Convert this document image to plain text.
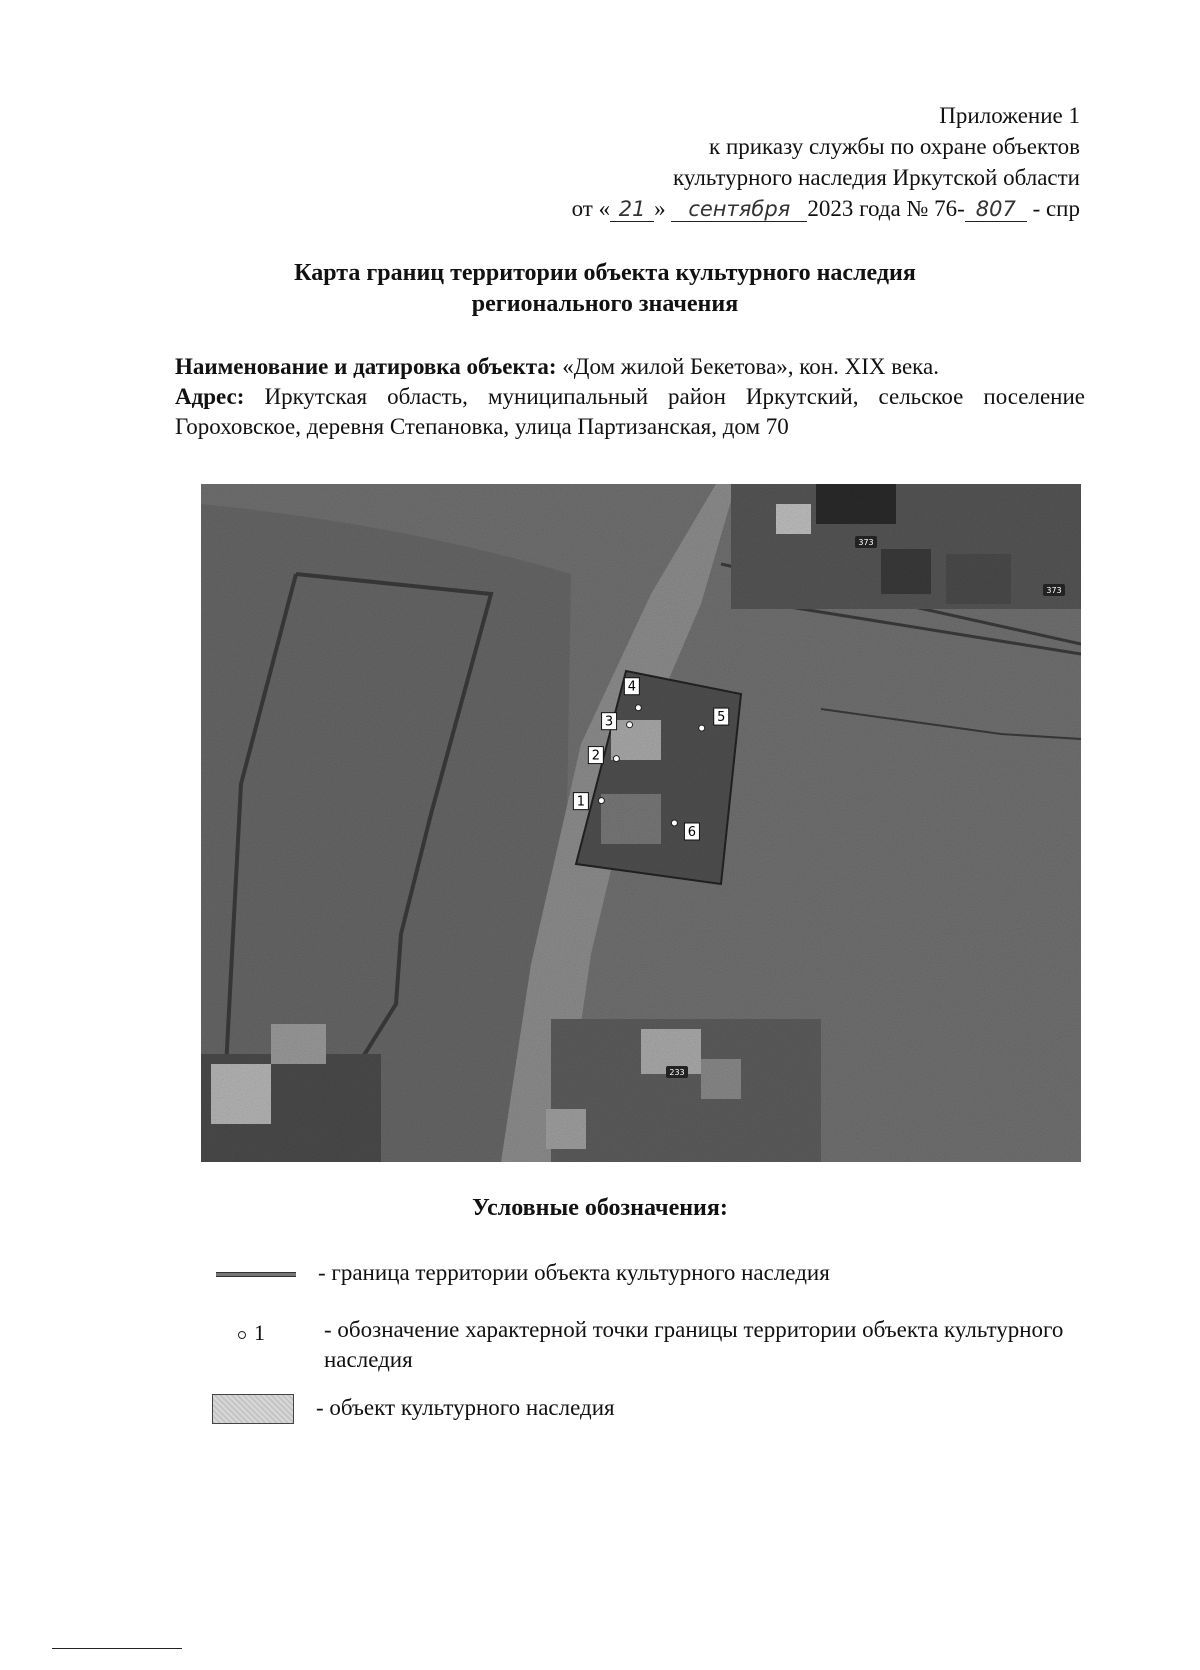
Приложение 1
к приказу службы по охране объектов
культурного наследия Иркутской области
от « 21 » сентября 2023 года № 76- 807 - спр
Карта границ территории объекта культурного наследия
регионального значения
Наименование и датировка объекта: «Дом жилой Бекетова», кон. XIX века.
Адрес: Иркутская область, муниципальный район Иркутский, сельское поселение Гороховское, деревня Степановка, улица Партизанская, дом 70
373
373
233
1
2
3
4
5
6
Условные обозначения:
- граница территории объекта культурного наследия
1	- обозначение характерной точки границы территории объекта культурного наследия
- объект культурного наследия
